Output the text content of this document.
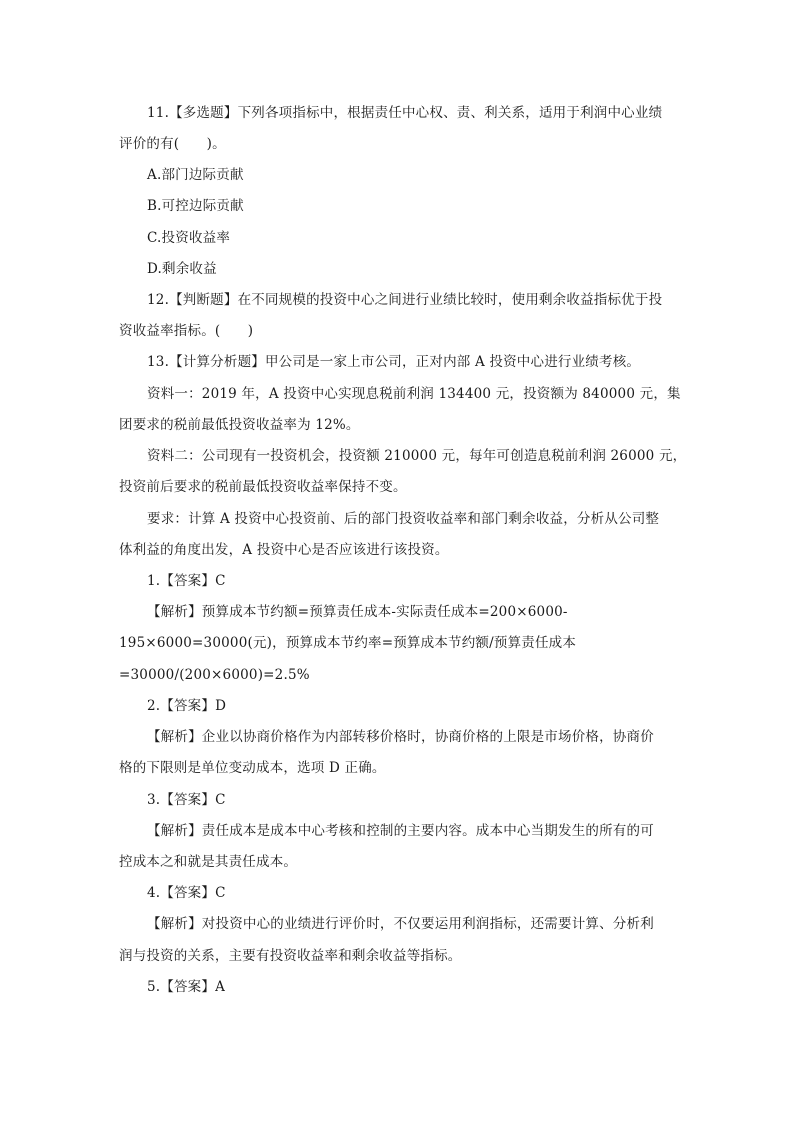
11.【多选题】下列各项指标中，根据责任中心权、责、利关系，适用于利润中心业绩
评价的有(　　)。
A.部门边际贡献
B.可控边际贡献
C.投资收益率
D.剩余收益
12.【判断题】在不同规模的投资中心之间进行业绩比较时，使用剩余收益指标优于投
资收益率指标。(　　)
13.【计算分析题】甲公司是一家上市公司，正对内部 A 投资中心进行业绩考核。
资料一：2019 年，A 投资中心实现息税前利润 134400 元，投资额为 840000 元，集
团要求的税前最低投资收益率为 12%。
资料二：公司现有一投资机会，投资额 210000 元，每年可创造息税前利润 26000 元，
投资前后要求的税前最低投资收益率保持不变。
要求：计算 A 投资中心投资前、后的部门投资收益率和部门剩余收益，分析从公司整
体利益的角度出发，A 投资中心是否应该进行该投资。
1.【答案】C
【解析】预算成本节约额=预算责任成本-实际责任成本=200×6000-
195×6000=30000(元)，预算成本节约率=预算成本节约额/预算责任成本
=30000/(200×6000)=2.5%
2.【答案】D
【解析】企业以协商价格作为内部转移价格时，协商价格的上限是市场价格，协商价
格的下限则是单位变动成本，选项 D 正确。
3.【答案】C
【解析】责任成本是成本中心考核和控制的主要内容。成本中心当期发生的所有的可
控成本之和就是其责任成本。
4.【答案】C
【解析】对投资中心的业绩进行评价时，不仅要运用利润指标，还需要计算、分析利
润与投资的关系，主要有投资收益率和剩余收益等指标。
5.【答案】A
